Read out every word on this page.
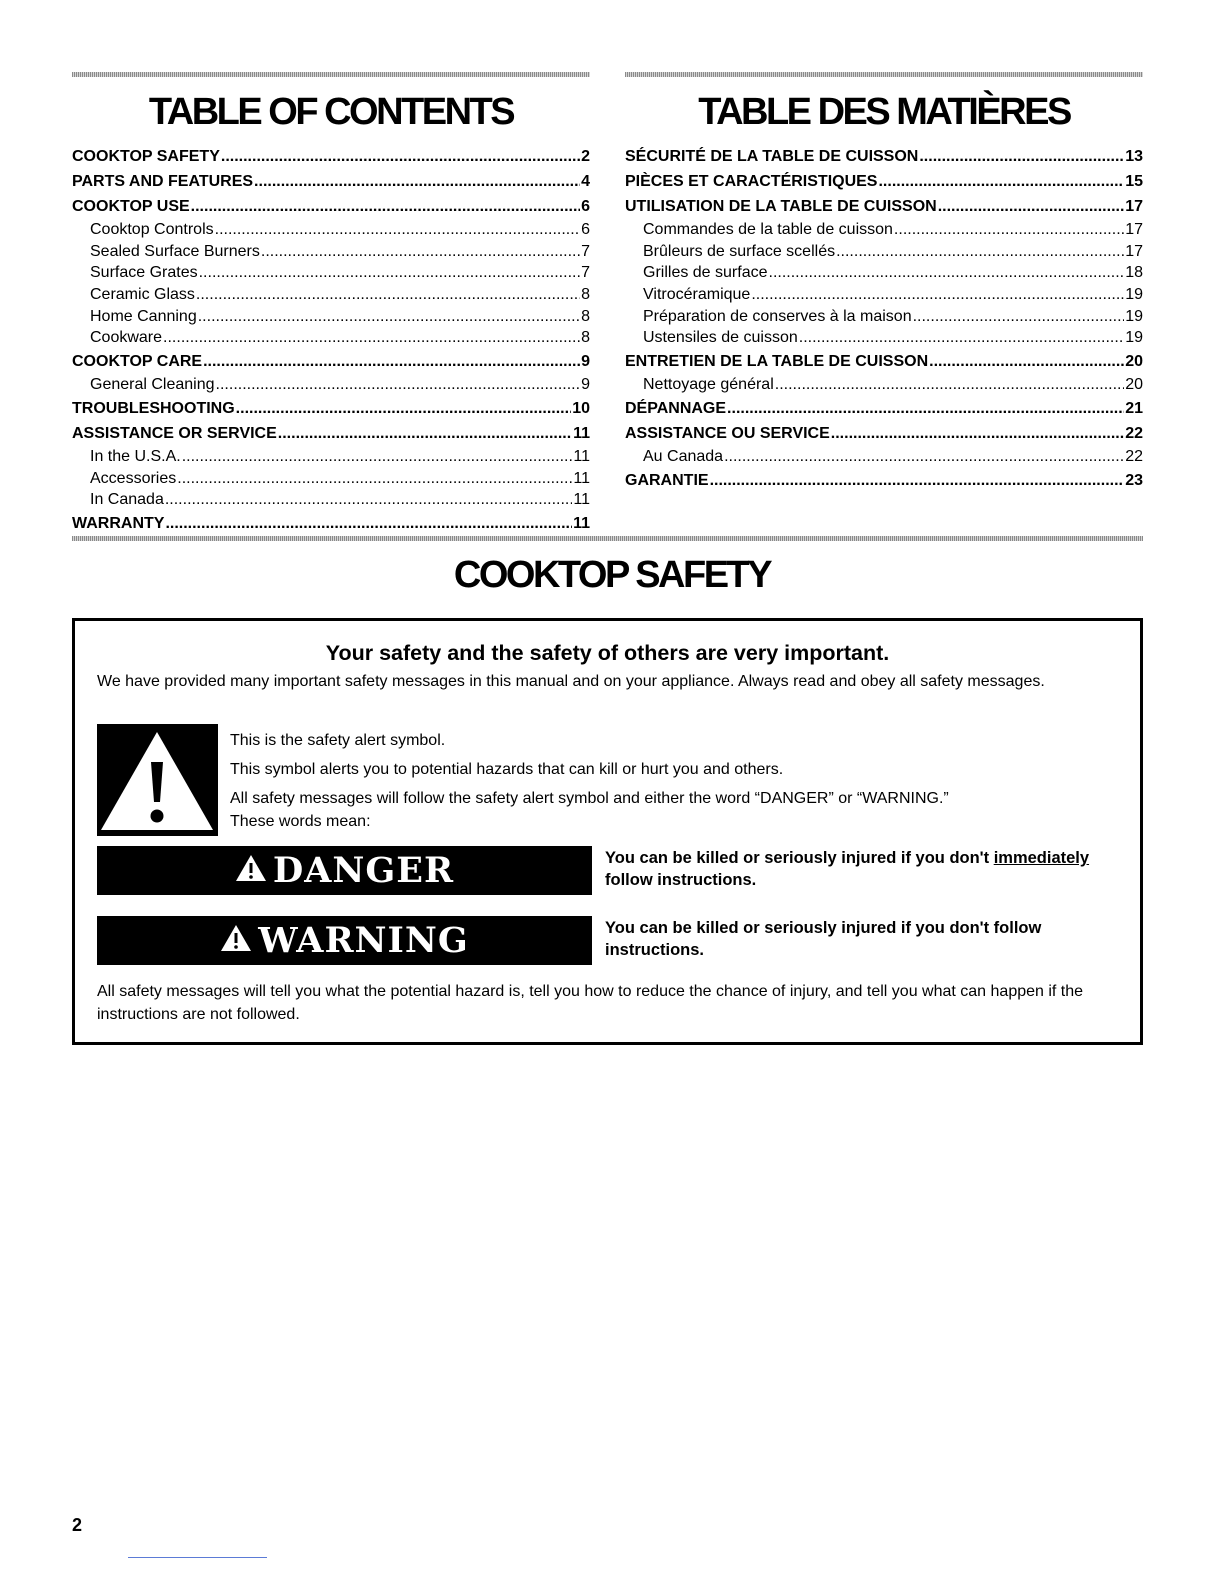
TABLE OF CONTENTS
COOKTOP SAFETY .....	2
PARTS AND FEATURES .....	4
COOKTOP USE .....	6
Cooktop Controls .....	6
Sealed Surface Burners .....	7
Surface Grates .....	7
Ceramic Glass .....	8
Home Canning .....	8
Cookware .....	8
COOKTOP CARE .....	9
General Cleaning .....	9
TROUBLESHOOTING .....	10
ASSISTANCE OR SERVICE .....	11
In the U.S.A. .....	11
Accessories .....	11
In Canada .....	11
WARRANTY .....	11
TABLE DES MATIÈRES
SÉCURITÉ DE LA TABLE DE CUISSON .....	13
PIÈCES ET CARACTÉRISTIQUES .....	15
UTILISATION DE LA TABLE DE CUISSON .....	17
Commandes de la table de cuisson .....	17
Brûleurs de surface scellés .....	17
Grilles de surface .....	18
Vitrocéramique .....	19
Préparation de conserves à la maison .....	19
Ustensiles de cuisson .....	19
ENTRETIEN DE LA TABLE DE CUISSON .....	20
Nettoyage général .....	20
DÉPANNAGE .....	21
ASSISTANCE OU SERVICE .....	22
Au Canada .....	22
GARANTIE .....	23
COOKTOP SAFETY
Your safety and the safety of others are very important.
We have provided many important safety messages in this manual and on your appliance. Always read and obey all safety messages.
This is the safety alert symbol.
This symbol alerts you to potential hazards that can kill or hurt you and others.
All safety messages will follow the safety alert symbol and either the word “DANGER” or “WARNING.”
These words mean:
DANGER	You can be killed or seriously injured if you don't immediately follow instructions.
WARNING	You can be killed or seriously injured if you don't follow instructions.
All safety messages will tell you what the potential hazard is, tell you how to reduce the chance of injury, and tell you what can happen if the instructions are not followed.
2
